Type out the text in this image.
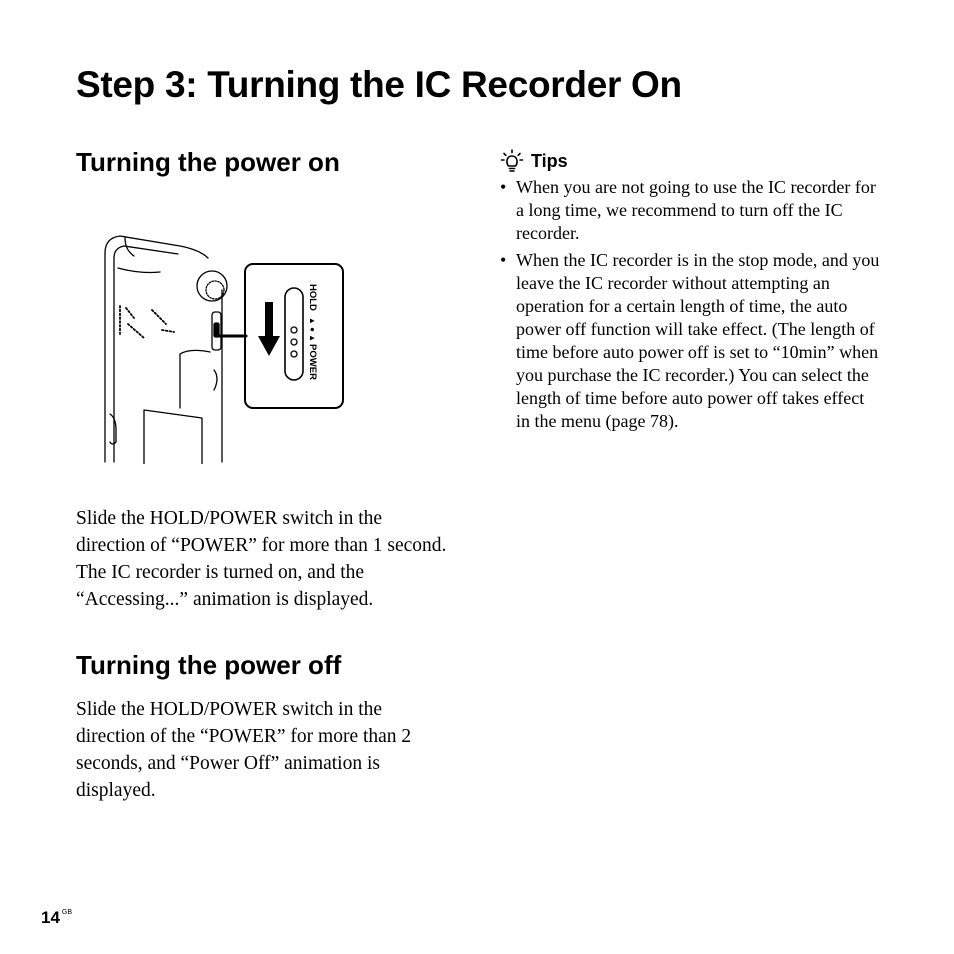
Step 3: Turning the IC Recorder On
Turning the power on
HOLD▲ ● ▲POWER

Slide the HOLD/POWER switch in the direction of “POWER” for more than 1 second. The IC recorder is turned on, and the “Accessing...” animation is displayed.

Turning the power off

Slide the HOLD/POWER switch in the direction of the “POWER” for more than 2 seconds, and “Power Off” animation is displayed.

Tips
• When you are not going to use the IC recorder for a long time, we recommend to turn off the IC recorder.
• When the IC recorder is in the stop mode, and you leave the IC recorder without attempting an operation for a certain length of time, the auto power off function will take effect. (The length of time before auto power off is set to “10min” when you purchase the IC recorder.) You can select the length of time before auto power off takes effect in the menu (page 78).
14 $^{GB}$
